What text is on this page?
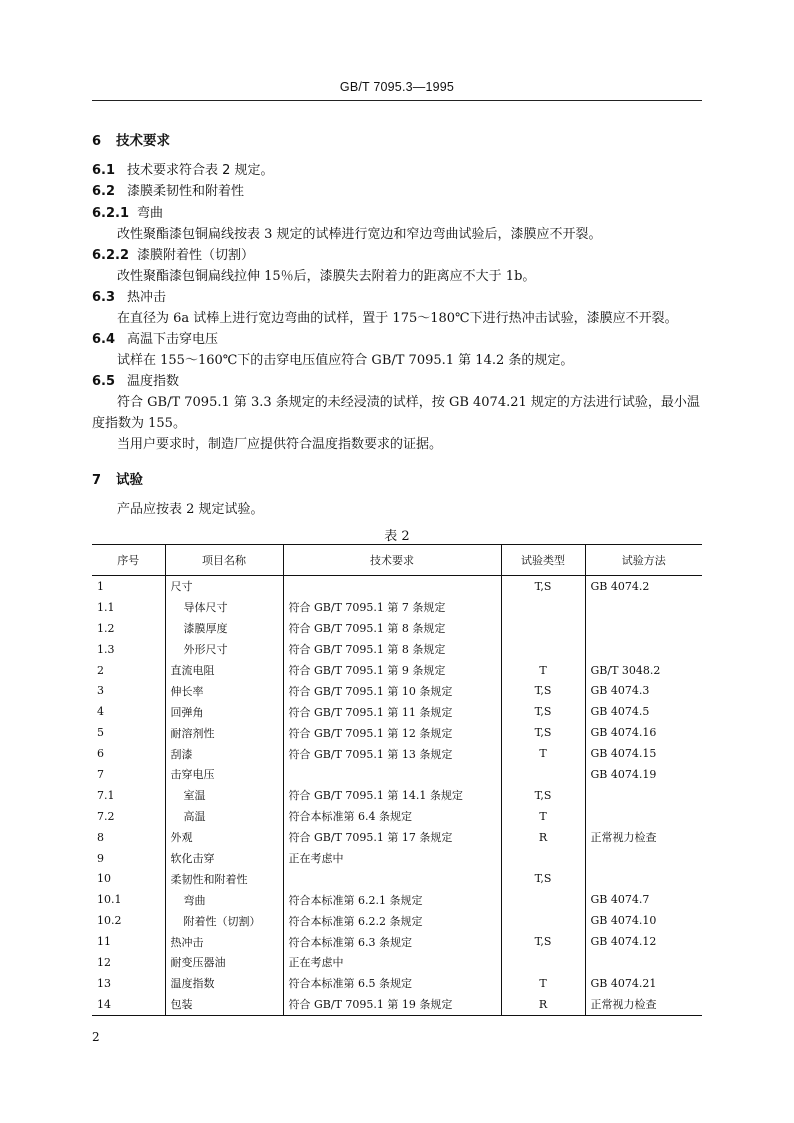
GB/T 7095.3—1995
6 技术要求
6.1 技术要求符合表 2 规定。
6.2 漆膜柔韧性和附着性
6.2.1 弯曲
改性聚酯漆包铜扁线按表 3 规定的试棒进行宽边和窄边弯曲试验后，漆膜应不开裂。
6.2.2 漆膜附着性（切割）
改性聚酯漆包铜扁线拉伸 15％后，漆膜失去附着力的距离应不大于 1b。
6.3 热冲击
在直径为 6a 试棒上进行宽边弯曲的试样，置于 175～180℃下进行热冲击试验，漆膜应不开裂。
6.4 高温下击穿电压
试样在 155～160℃下的击穿电压值应符合 GB/T 7095.1 第 14.2 条的规定。
6.5 温度指数
符合 GB/T 7095.1 第 3.3 条规定的未经浸渍的试样，按 GB 4074.21 规定的方法进行试验，最小温
度指数为 155。
当用户要求时，制造厂应提供符合温度指数要求的证据。
7 试验
产品应按表 2 规定试验。
表 2
序号	项目名称	技术要求	试验类型	试验方法
1	尺寸		T,S	GB 4074.2
1.1	导体尺寸	符合 GB/T 7095.1 第 7 条规定		
1.2	漆膜厚度	符合 GB/T 7095.1 第 8 条规定		
1.3	外形尺寸	符合 GB/T 7095.1 第 8 条规定		
2	直流电阻	符合 GB/T 7095.1 第 9 条规定	T	GB/T 3048.2
3	伸长率	符合 GB/T 7095.1 第 10 条规定	T,S	GB 4074.3
4	回弹角	符合 GB/T 7095.1 第 11 条规定	T,S	GB 4074.5
5	耐溶剂性	符合 GB/T 7095.1 第 12 条规定	T,S	GB 4074.16
6	刮漆	符合 GB/T 7095.1 第 13 条规定	T	GB 4074.15
7	击穿电压			GB 4074.19
7.1	室温	符合 GB/T 7095.1 第 14.1 条规定	T,S	
7.2	高温	符合本标准第 6.4 条规定	T	
8	外观	符合 GB/T 7095.1 第 17 条规定	R	正常视力检查
9	软化击穿	正在考虑中		
10	柔韧性和附着性		T,S	
10.1	弯曲	符合本标准第 6.2.1 条规定		GB 4074.7
10.2	附着性（切割）	符合本标准第 6.2.2 条规定		GB 4074.10
11	热冲击	符合本标准第 6.3 条规定	T,S	GB 4074.12
12	耐变压器油	正在考虑中		
13	温度指数	符合本标准第 6.5 条规定	T	GB 4074.21
14	包装	符合 GB/T 7095.1 第 19 条规定	R	正常视力检查
2
